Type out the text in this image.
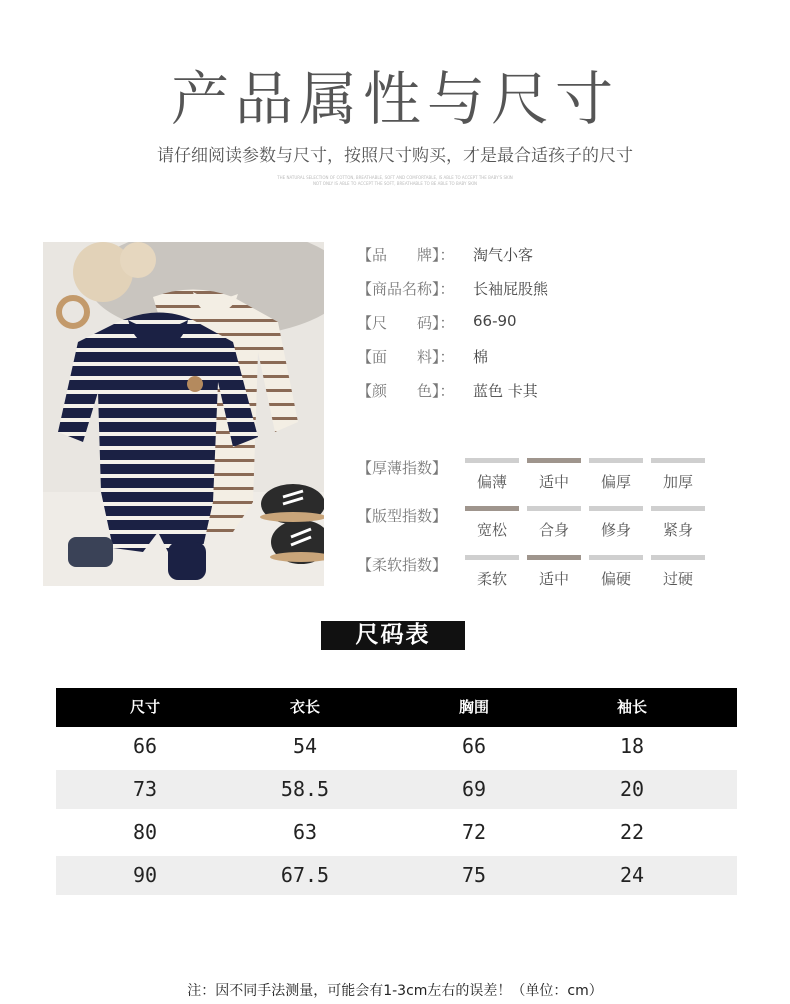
产品属性与尺寸
请仔细阅读参数与尺寸，按照尺寸购买，才是最合适孩子的尺寸
THE NATURAL SELECTION OF COTTON, BREATHABLE, SOFT AND COMFORTABLE, IS ABLE TO ACCEPT THE BABY'S SKIN
NOT ONLY IS ABLE TO ACCEPT THE SOFT, BREATHABLE TO BE ABLE TO BABY SKIN
【品　　牌】：	淘气小客
【商品名称】：	长袖屁股熊
【尺　　码】：	66-90
【面　　料】：	棉
【颜　　色】：	蓝色 卡其
【厚薄指数】
偏薄	适中	偏厚	加厚
【版型指数】
宽松	合身	修身	紧身
【柔软指数】
柔软	适中	偏硬	过硬
尺码表
尺寸	衣长	胸围	袖长
66	54	66	18
73	58.5	69	20
80	63	72	22
90	67.5	75	24
注：因不同手法测量，可能会有1-3cm左右的误差！（单位：cm）
